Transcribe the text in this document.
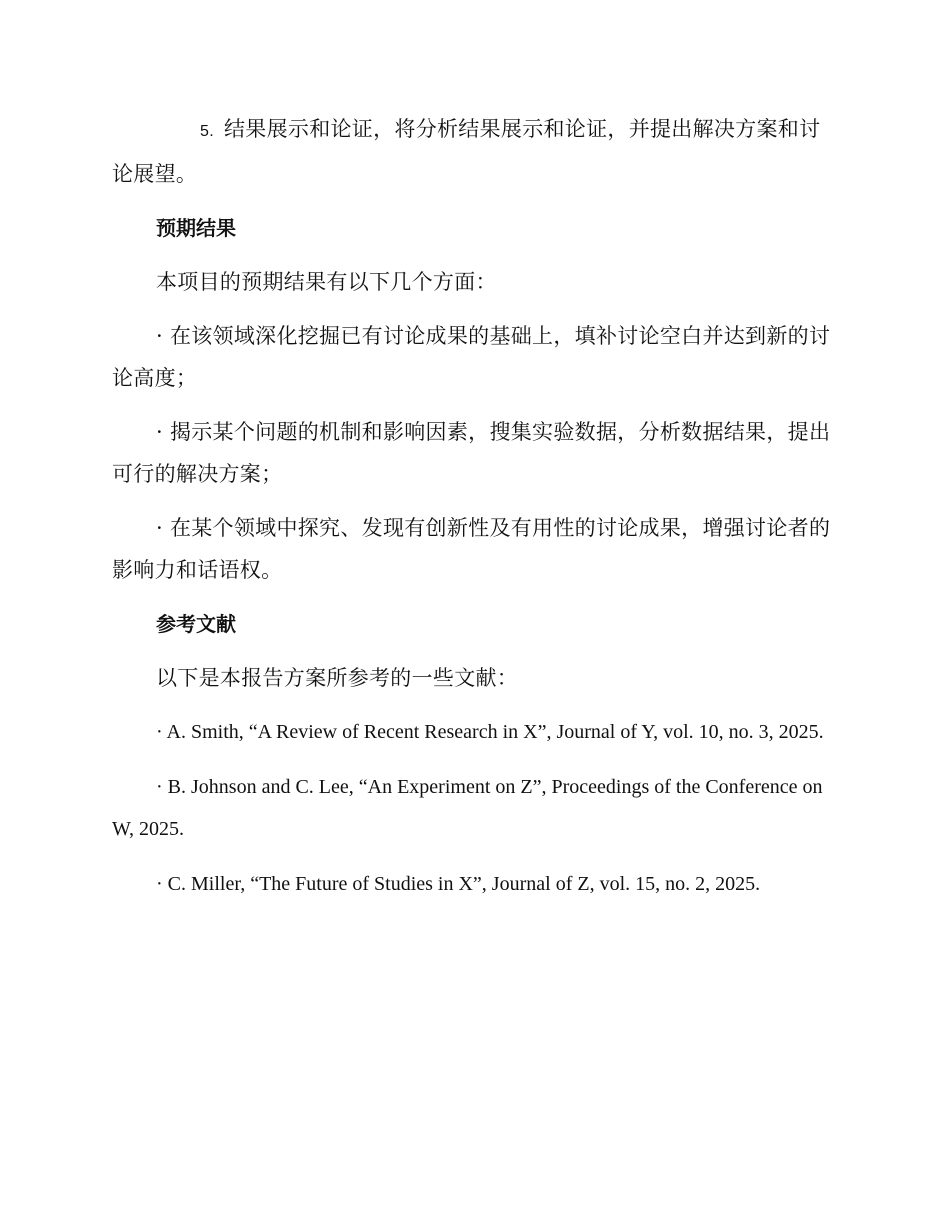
5. 结果展示和论证，将分析结果展示和论证，并提出解决方案和讨论展望。

预期结果

本项目的预期结果有以下几个方面：

· 在该领域深化挖掘已有讨论成果的基础上，填补讨论空白并达到新的讨论高度；

· 揭示某个问题的机制和影响因素，搜集实验数据，分析数据结果，提出可行的解决方案；

· 在某个领域中探究、发现有创新性及有用性的讨论成果，增强讨论者的影响力和话语权。

参考文献

以下是本报告方案所参考的一些文献：

· A. Smith, “A Review of Recent Research in X”, Journal of Y, vol. 10, no. 3, 2025.

· B. Johnson and C. Lee, “An Experiment on Z”, Proceedings of the Conference on W, 2025.

· C. Miller, “The Future of Studies in X”, Journal of Z, vol. 15, no. 2, 2025.
